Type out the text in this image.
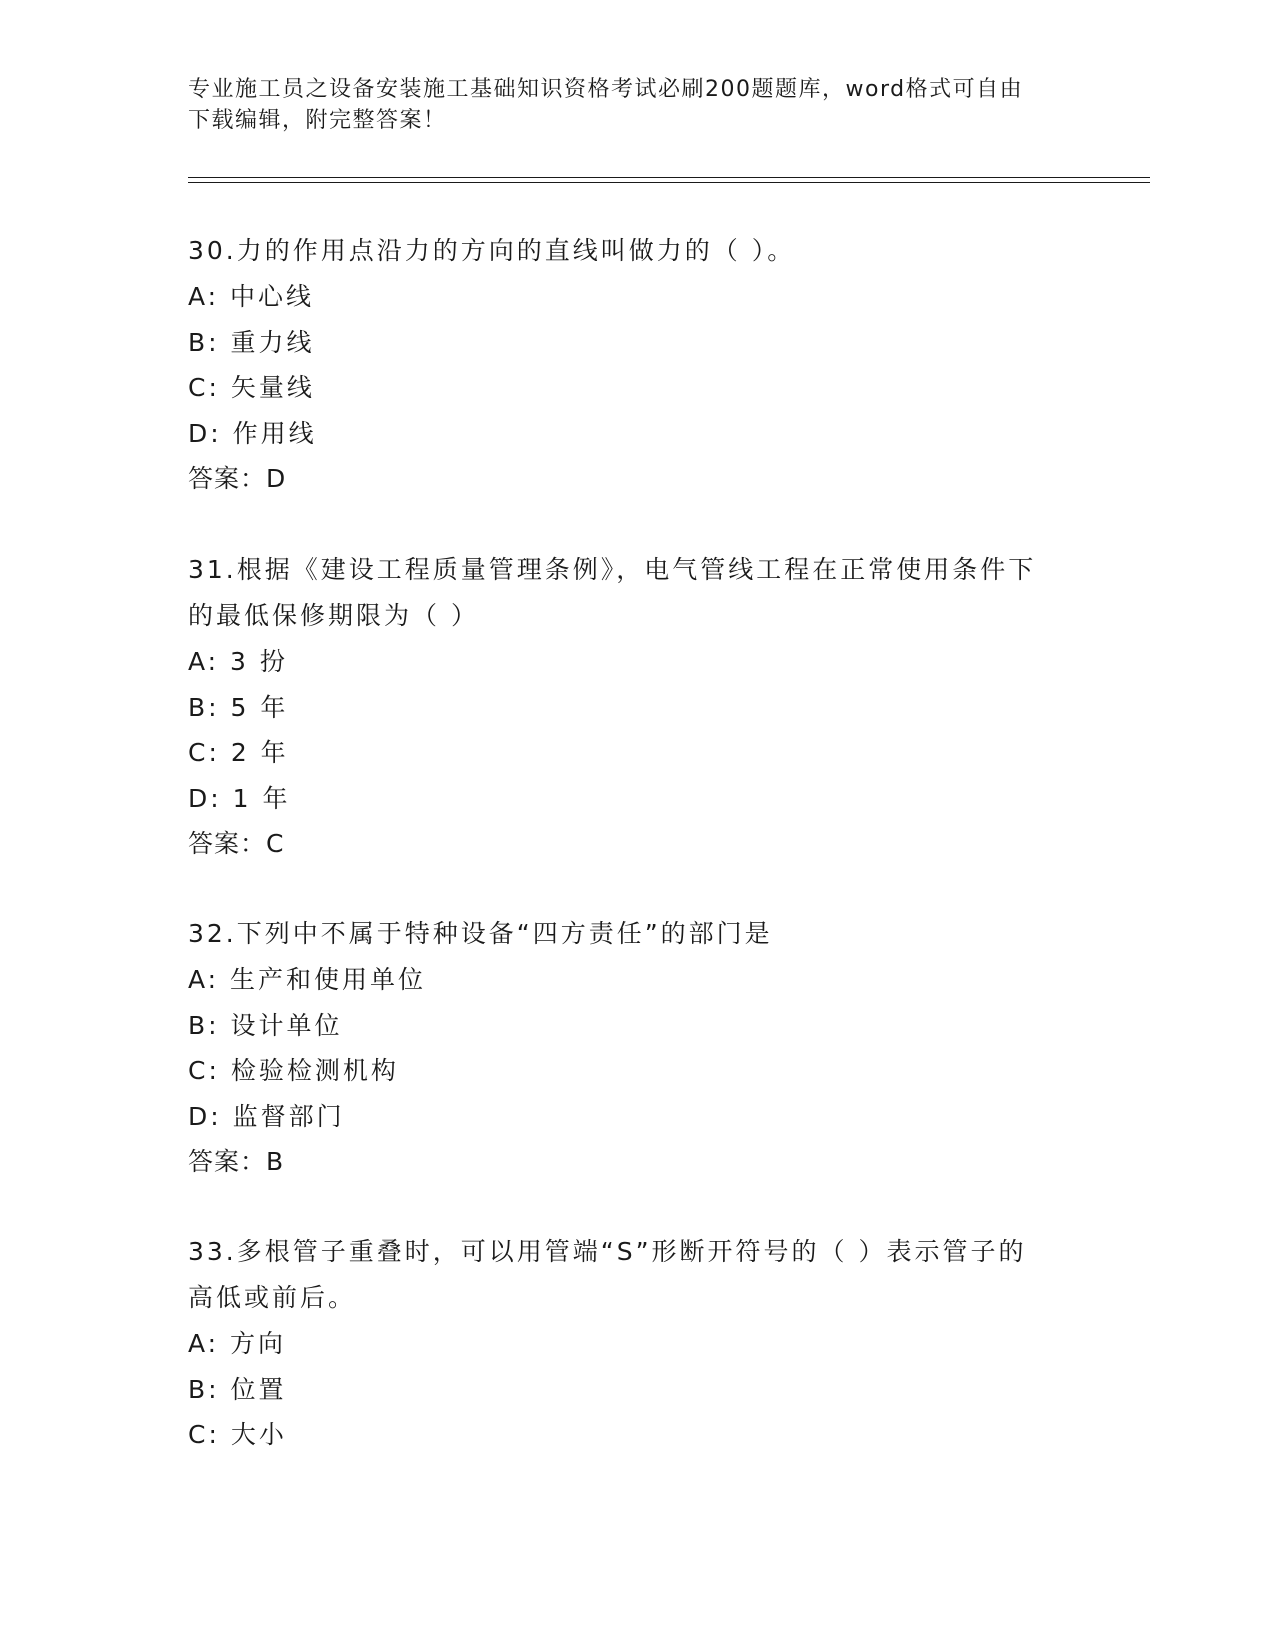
专业施工员之设备安装施工基础知识资格考试必刷200题题库，word格式可自由
下载编辑，附完整答案！
30.力的作用点沿力的方向的直线叫做力的（ ）。
A: 中心线
B: 重力线
C: 矢量线
D: 作用线
答案：D
31.根据《建设工程质量管理条例》，电气管线工程在正常使用条件下
的最低保修期限为（ ）
A: 3 扮
B: 5 年
C: 2 年
D: 1 年
答案：C
32.下列中不属于特种设备“四方责任”的部门是
A: 生产和使用单位
B: 设计单位
C: 检验检测机构
D: 监督部门
答案：B
33.多根管子重叠时，可以用管端“S”形断开符号的（ ）表示管子的
高低或前后。
A: 方向
B: 位置
C: 大小
